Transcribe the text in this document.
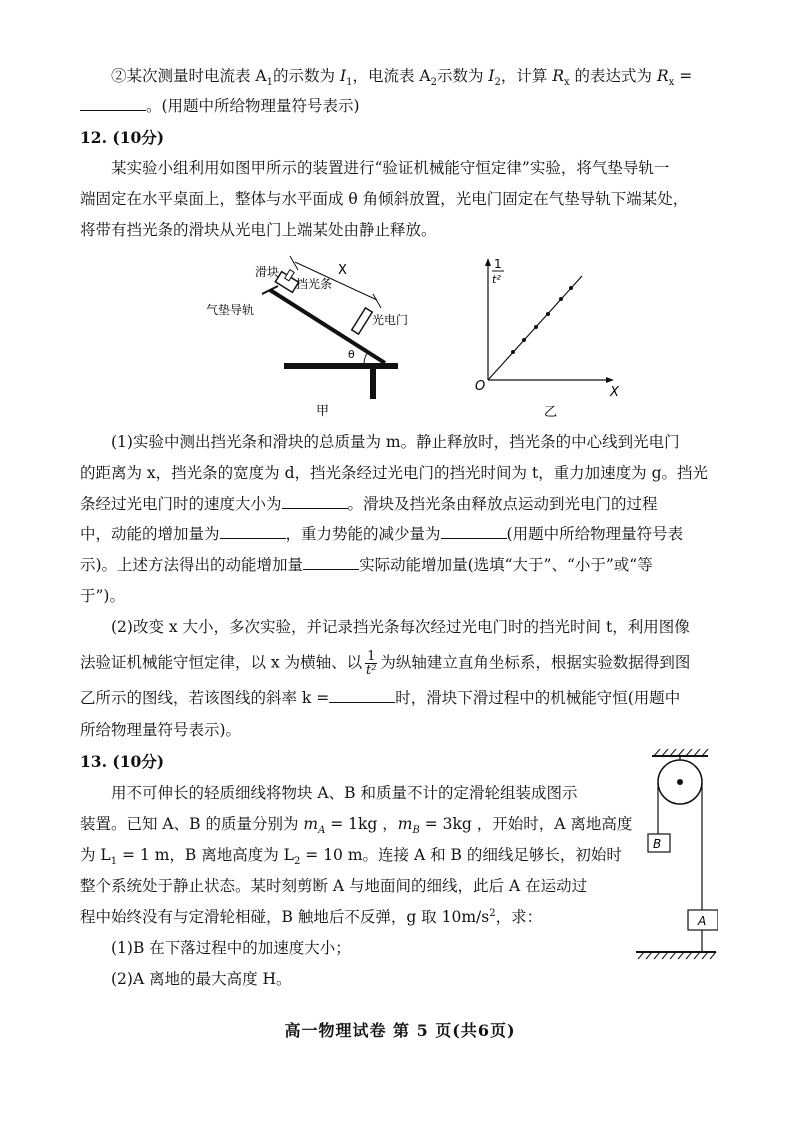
②某次测量时电流表 $A_1$的示数为 $I_1$，电流表 $A_2$示数为 $I_2$，计算 $R_x$ 的表达式为 $R_x$ =
。(用题中所给物理量符号表示)
12. (10分)
某实验小组利用如图甲所示的装置进行“验证机械能守恒定律”实验，将气垫导轨一
端固定在水平桌面上，整体与水平面成 θ 角倾斜放置，光电门固定在气垫导轨下端某处，
将带有挡光条的滑块从光电门上端某处由静止释放。
滑块
挡光条
X
气垫导轨
光电门
θ
甲
1
t²
O	X
乙
(1)实验中测出挡光条和滑块的总质量为 m。静止释放时，挡光条的中心线到光电门
的距离为 x，挡光条的宽度为 d，挡光条经过光电门的挡光时间为 t，重力加速度为 g。挡光
条经过光电门时的速度大小为	。滑块及挡光条由释放点运动到光电门的过程
中，动能的增加量为	，重力势能的减少量为	(用题中所给物理量符号表
示)。上述方法得出的动能增加量	实际动能增加量(选填“大于”、“小于”或“等
于”)。
(2)改变 x 大小，多次实验，并记录挡光条每次经过光电门时的挡光时间 t，利用图像
法验证机械能守恒定律，以 x 为横轴、以 $\frac{1}{\text{t²}}$ 为纵轴建立直角坐标系，根据实验数据得到图
乙所示的图线，若该图线的斜率 k =	时，滑块下滑过程中的机械能守恒(用题中
所给物理量符号表示)。
13. (10分)
用不可伸长的轻质细线将物块 A、B 和质量不计的定滑轮组装成图示
装置。已知 A、B 的质量分别为 $m_A = 1kg$ ，$m_B = 3kg$ ，开始时，A 离地高度
为 $L_1 = 1$ m，B 离地高度为 $L_2 = 10$ m。连接 A 和 B 的细线足够长，初始时
整个系统处于静止状态。某时刻剪断 A 与地面间的细线，此后 A 在运动过
程中始终没有与定滑轮相碰，B 触地后不反弹，g 取 $10m/s^2$，求：
(1)B 在下落过程中的加速度大小；
(2)A 离地的最大高度 H。
B
A
高一物理试卷 第 5 页(共6页)
